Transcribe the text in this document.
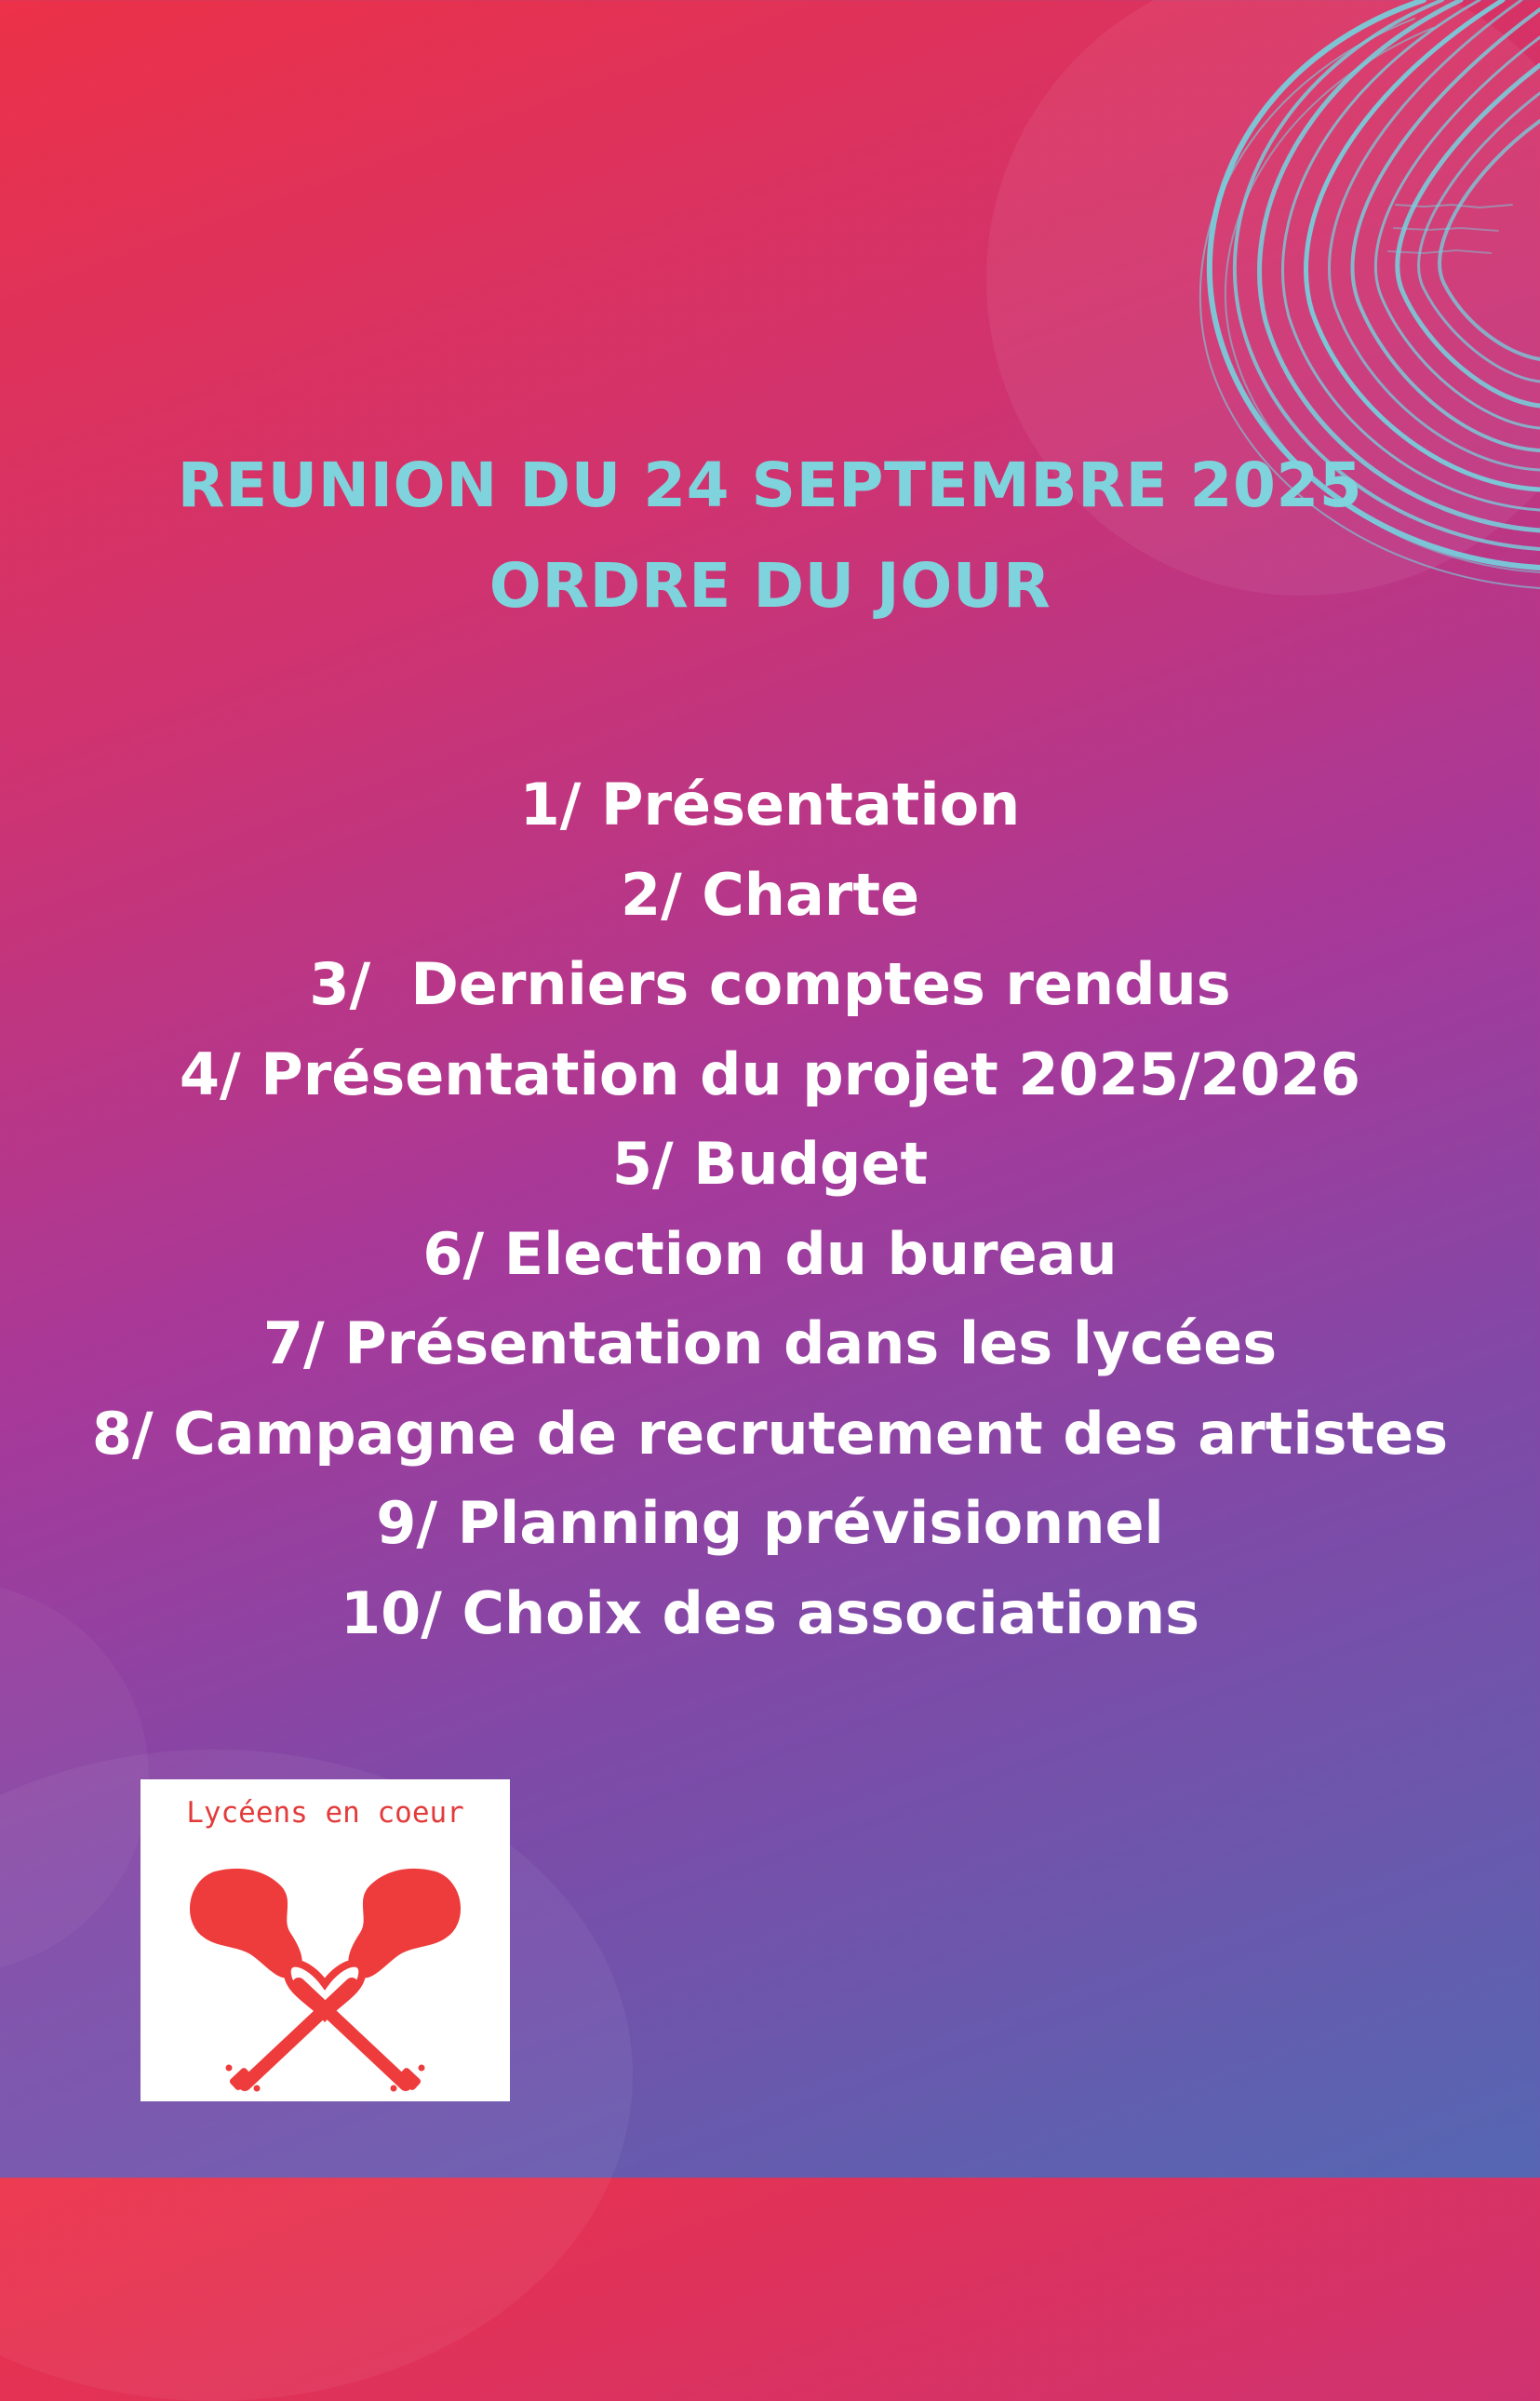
REUNION DU 24 SEPTEMBRE 2025
ORDRE DU JOUR
1/ Présentation
2/ Charte
3/  Derniers comptes rendus
4/ Présentation du projet 2025/2026
5/ Budget
6/ Election du bureau
7/ Présentation dans les lycées
8/ Campagne de recrutement des artistes
9/ Planning prévisionnel
10/ Choix des associations
Lycéens en coeur
